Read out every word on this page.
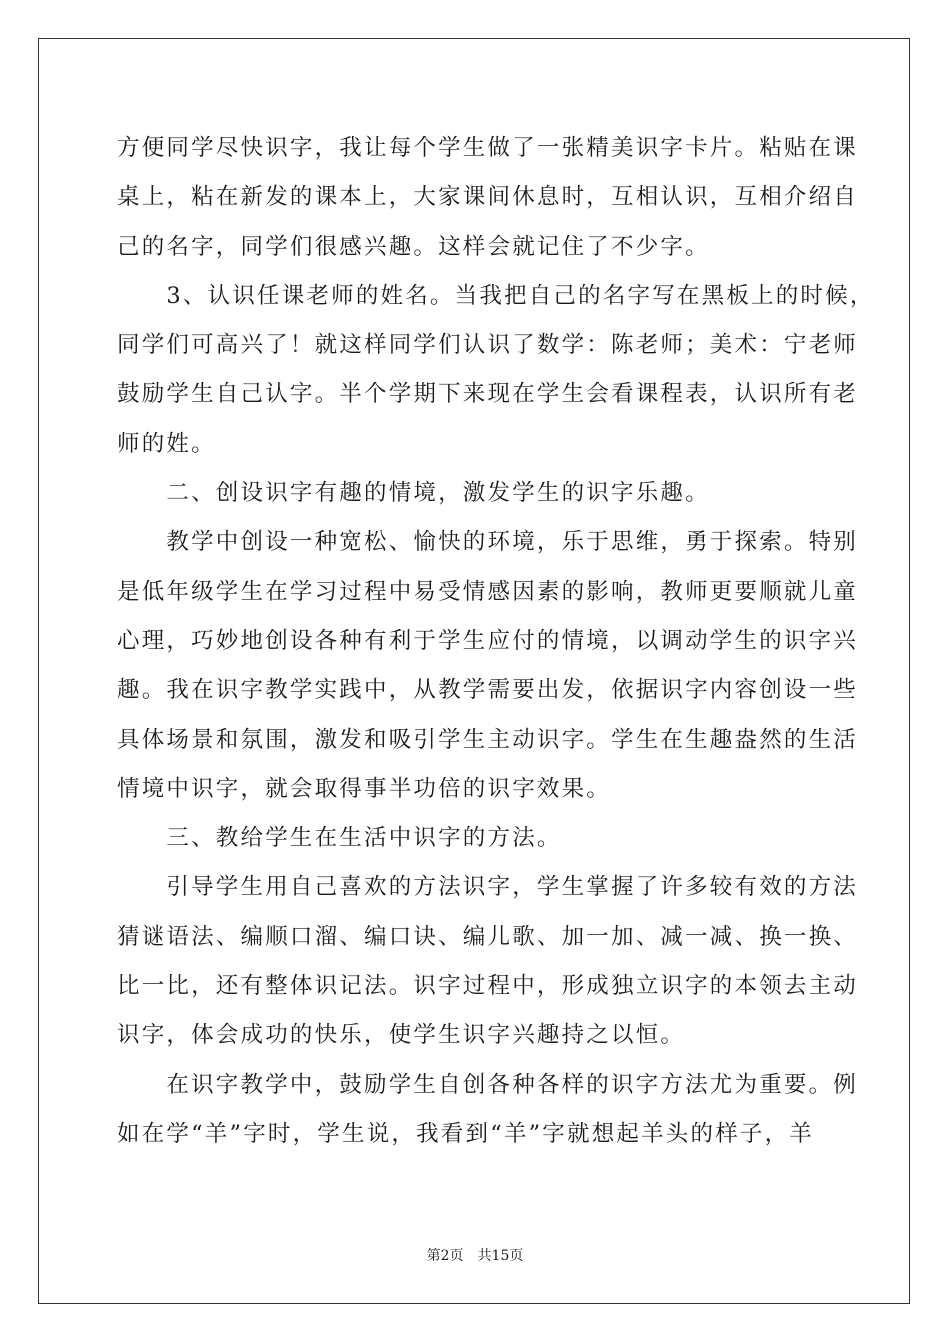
方便同学尽快识字，我让每个学生做了一张精美识字卡片。粘贴在课
桌上，粘在新发的课本上，大家课间休息时，互相认识，互相介绍自
己的名字，同学们很感兴趣。这样会就记住了不少字。
　　3、认识任课老师的姓名。当我把自己的名字写在黑板上的时候，
同学们可高兴了！就这样同学们认识了数学：陈老师；美术：宁老师
鼓励学生自己认字。半个学期下来现在学生会看课程表，认识所有老
师的姓。
　　二、创设识字有趣的情境，激发学生的识字乐趣。
　　教学中创设一种宽松、愉快的环境，乐于思维，勇于探索。特别
是低年级学生在学习过程中易受情感因素的影响，教师更要顺就儿童
心理，巧妙地创设各种有利于学生应付的情境，以调动学生的识字兴
趣。我在识字教学实践中，从教学需要出发，依据识字内容创设一些
具体场景和氛围，激发和吸引学生主动识字。学生在生趣盎然的生活
情境中识字，就会取得事半功倍的识字效果。
　　三、教给学生在生活中识字的方法。
　　引导学生用自己喜欢的方法识字，学生掌握了许多较有效的方法
猜谜语法、编顺口溜、编口诀、编儿歌、加一加、减一减、换一换、
比一比，还有整体识记法。识字过程中，形成独立识字的本领去主动
识字，体会成功的快乐，使学生识字兴趣持之以恒。
　　在识字教学中，鼓励学生自创各种各样的识字方法尤为重要。例
如在学“羊”字时，学生说，我看到“羊”字就想起羊头的样子，羊
第2页 共15页
